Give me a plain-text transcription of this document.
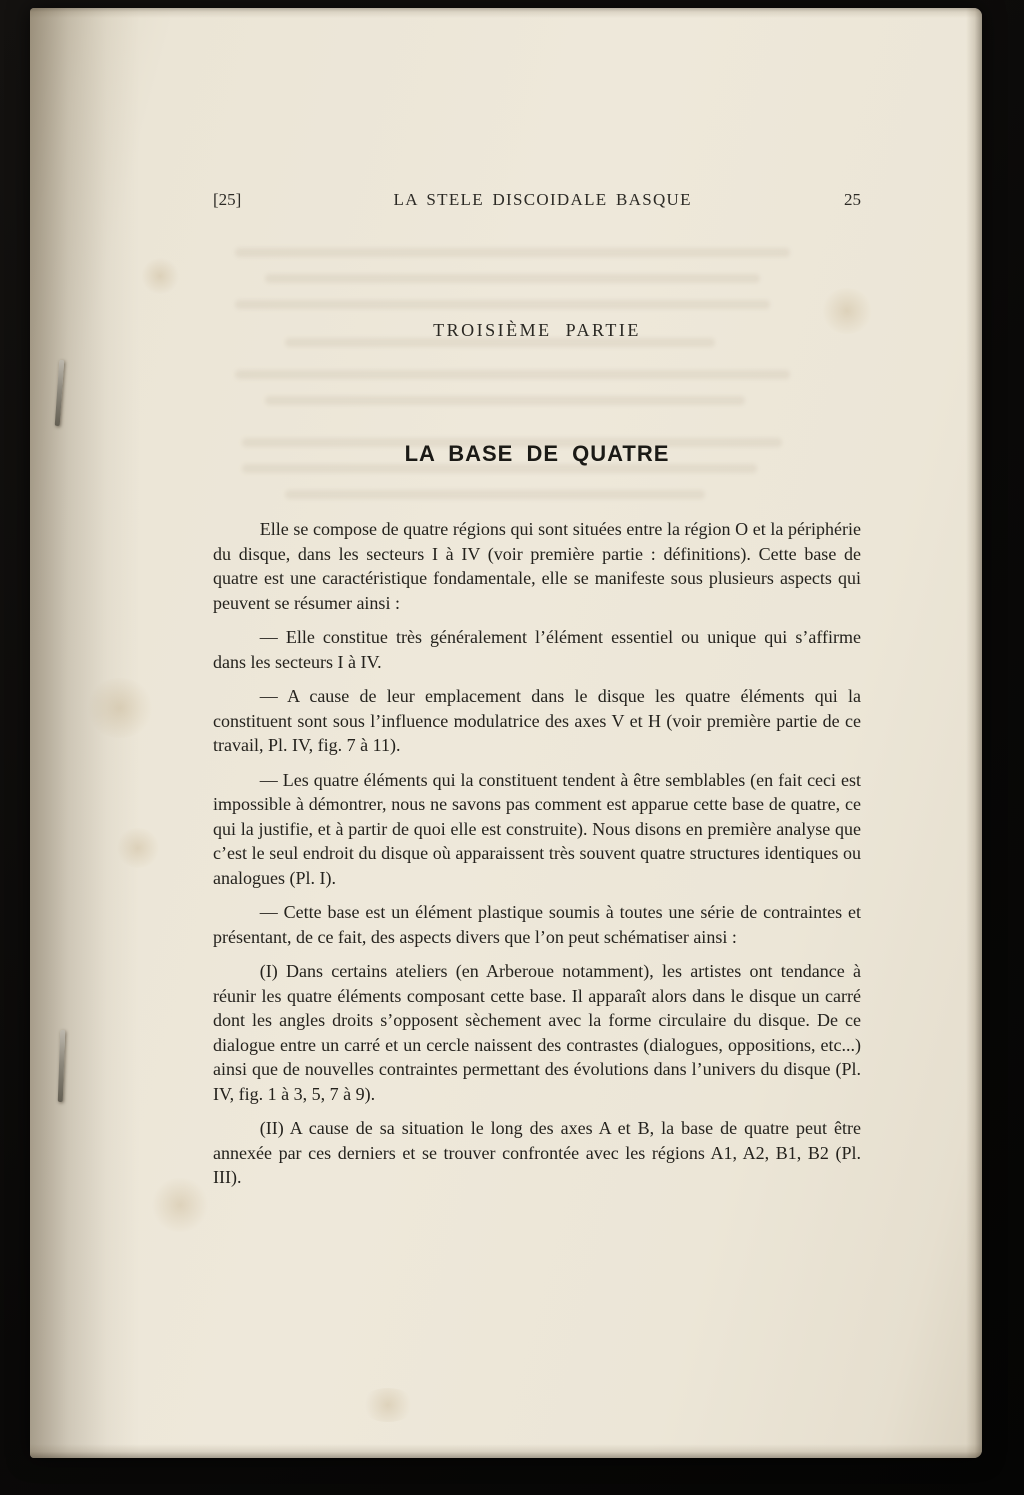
[25]	LA STELE DISCOIDALE BASQUE	25
TROISIÈME PARTIE
LA BASE DE QUATRE

Elle se compose de quatre régions qui sont situées entre la région O et la périphérie du disque, dans les secteurs I à IV (voir première partie : définitions). Cette base de quatre est une caractéristique fondamentale, elle se manifeste sous plusieurs aspects qui peuvent se résumer ainsi :

— Elle constitue très généralement l’élément essentiel ou unique qui s’affirme dans les secteurs I à IV.

— A cause de leur emplacement dans le disque les quatre éléments qui la constituent sont sous l’influence modulatrice des axes V et H (voir première partie de ce travail, Pl. IV, fig. 7 à 11).

— Les quatre éléments qui la constituent tendent à être semblables (en fait ceci est impossible à démontrer, nous ne savons pas comment est apparue cette base de quatre, ce qui la justifie, et à partir de quoi elle est construite). Nous disons en première analyse que c’est le seul endroit du disque où apparaissent très souvent quatre structures identiques ou analogues (Pl. I).

— Cette base est un élément plastique soumis à toutes une série de contraintes et présentant, de ce fait, des aspects divers que l’on peut schématiser ainsi :

(I) Dans certains ateliers (en Arberoue notamment), les artistes ont tendance à réunir les quatre éléments composant cette base. Il apparaît alors dans le disque un carré dont les angles droits s’opposent sèchement avec la forme circulaire du disque. De ce dialogue entre un carré et un cercle naissent des contrastes (dialogues, oppositions, etc...) ainsi que de nouvelles contraintes permettant des évolutions dans l’univers du disque (Pl. IV, fig. 1 à 3, 5, 7 à 9).

(II) A cause de sa situation le long des axes A et B, la base de quatre peut être annexée par ces derniers et se trouver confrontée avec les régions A1, A2, B1, B2 (Pl. III).
